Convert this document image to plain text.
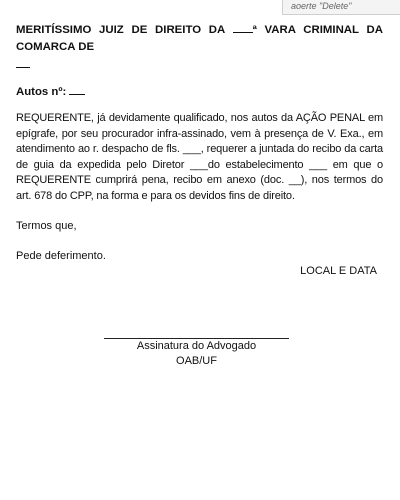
aoerte "Delete"

MERITÍSSIMO JUIZ DE DIREITO DA ª VARA CRIMINAL DA COMARCA DE

Autos nº:

REQUERENTE, já devidamente qualificado, nos autos da AÇÃO PENAL em epígrafe, por seu procurador infra-assinado, vem à presença de V. Exa., em atendimento ao r. despacho de fls. ___, requerer a juntada do recibo da carta de guia da expedida pelo Diretor ___do estabelecimento ___ em que o REQUERENTE cumprirá pena, recibo em anexo (doc. __), nos termos do art. 678 do CPP, na forma e para os devidos fins de direito.

Termos que,

Pede deferimento.

LOCAL E DATA
Assinatura do Advogado
OAB/UF
